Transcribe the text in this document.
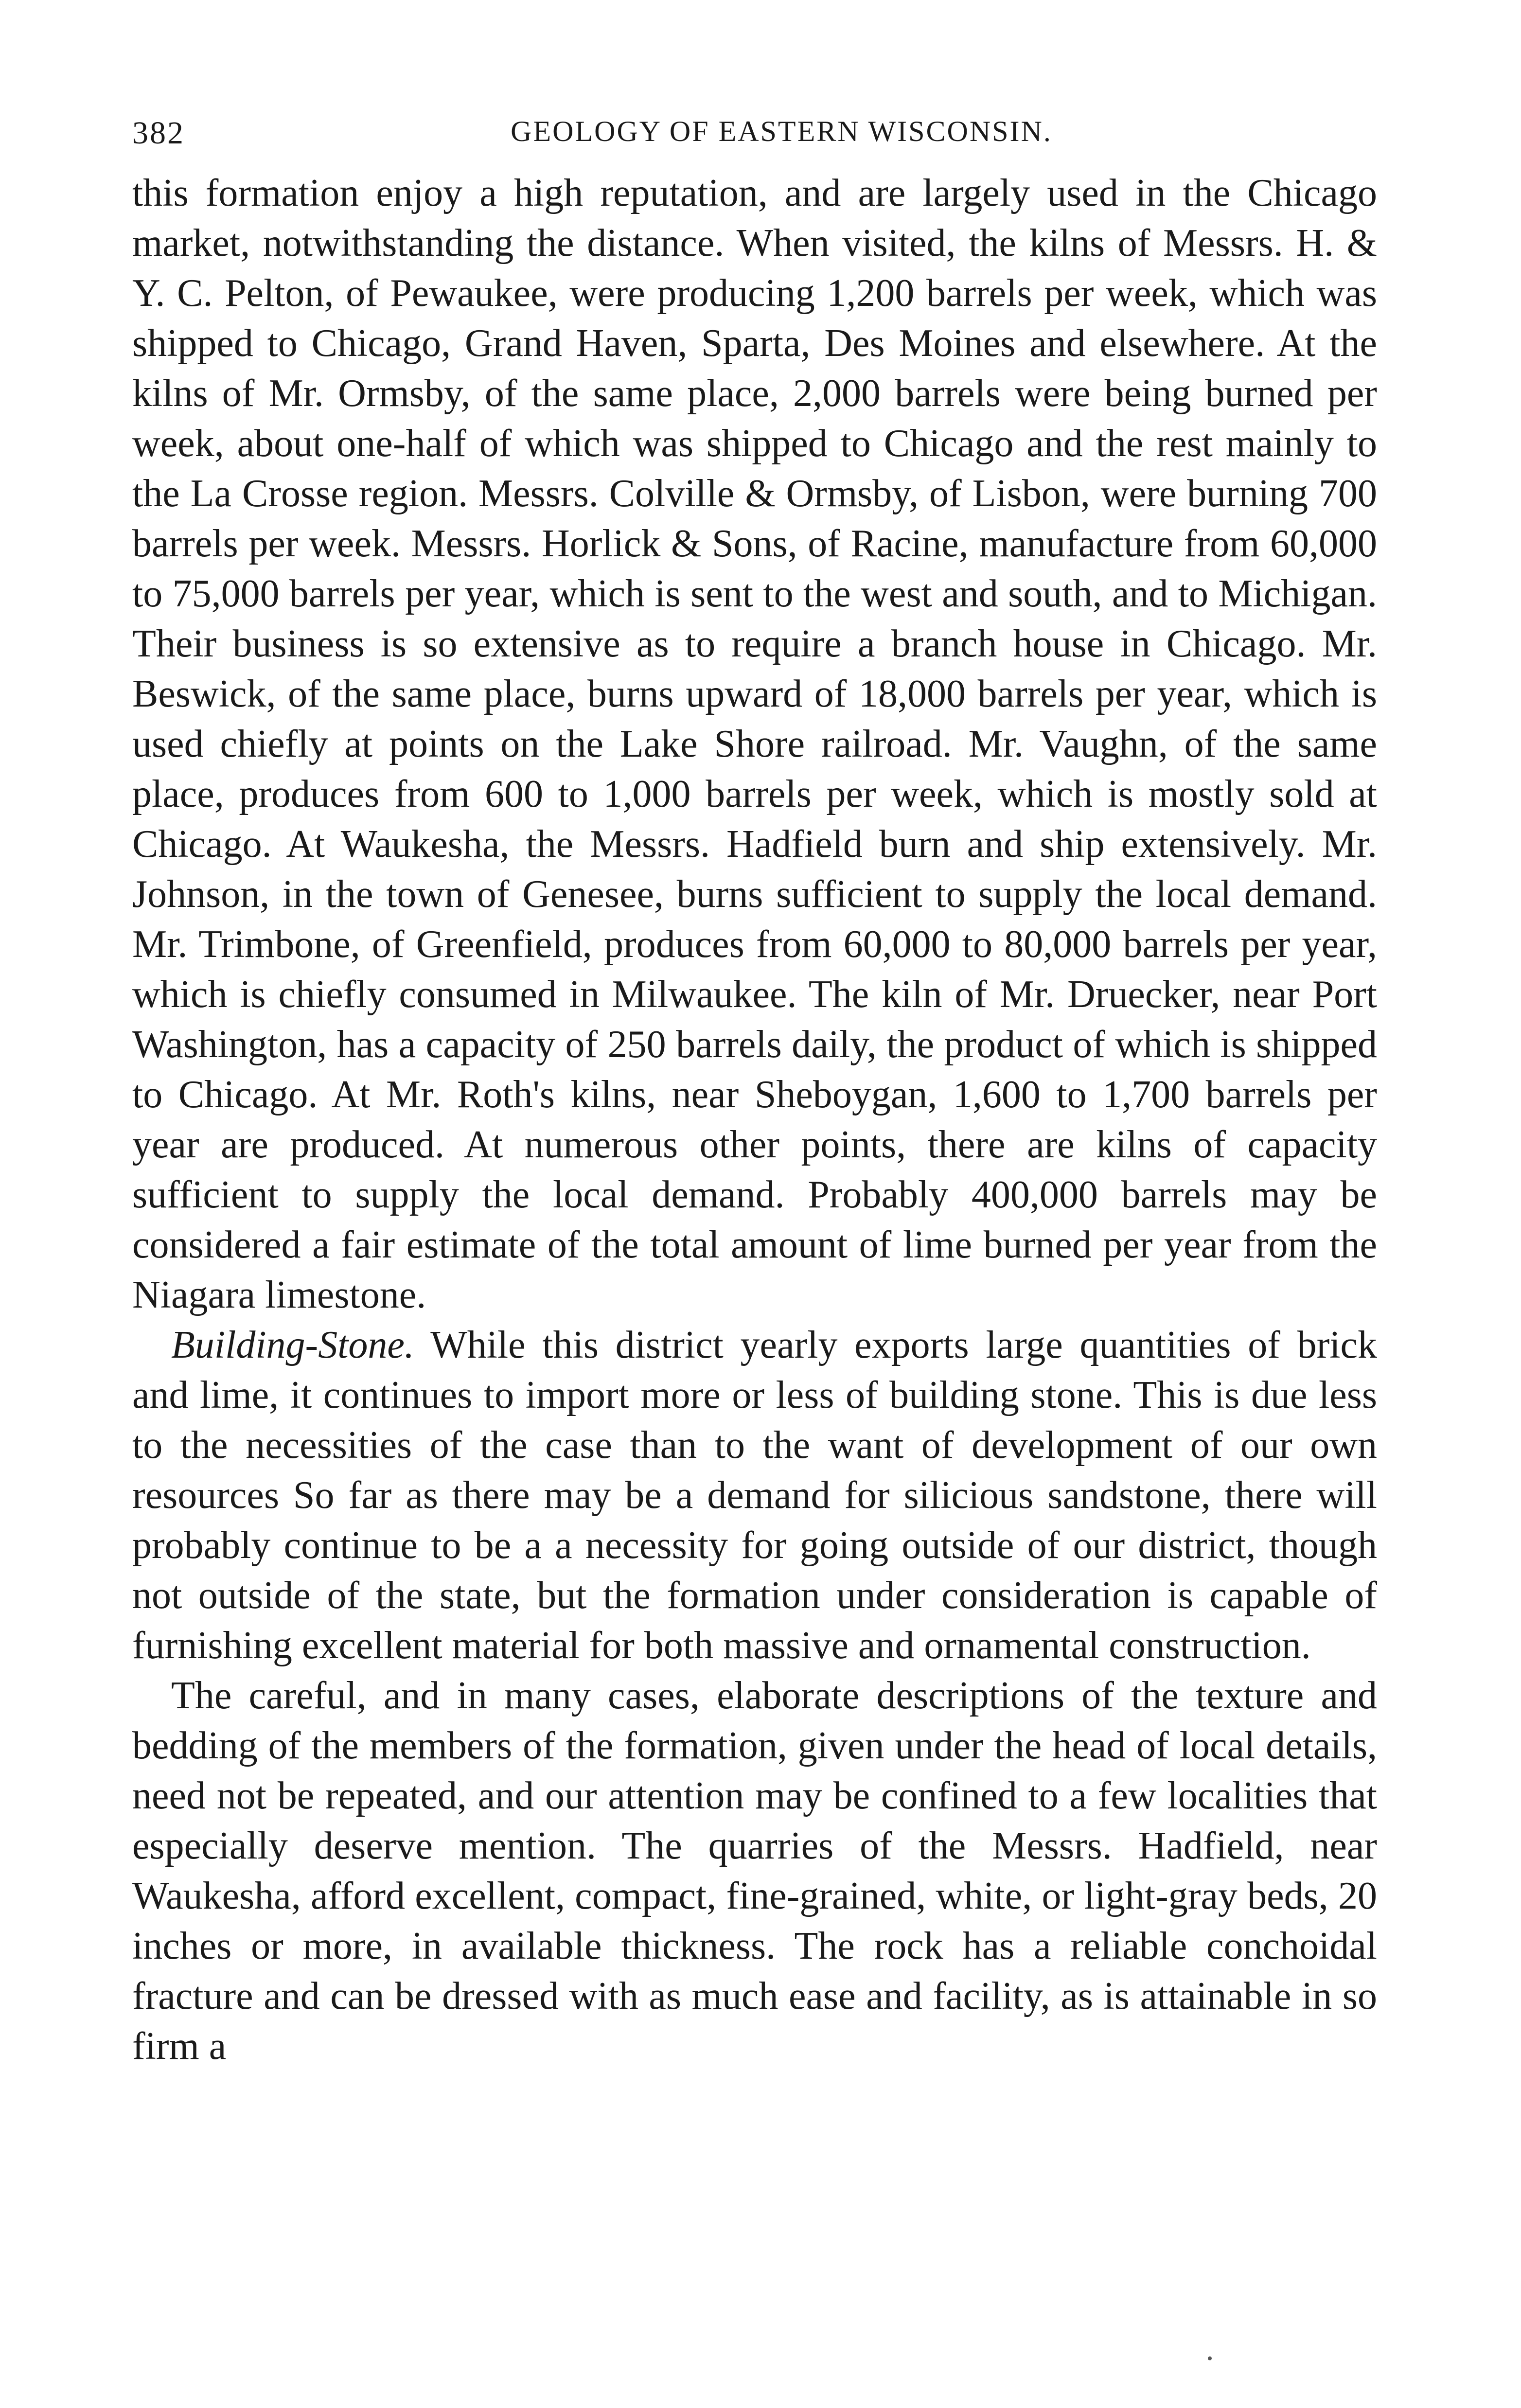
382	GEOLOGY OF EASTERN WISCONSIN.

this formation enjoy a high reputation, and are largely used in the Chicago market, notwithstanding the distance. When visited, the kilns of Messrs. H. & Y. C. Pelton, of Pewaukee, were producing 1,200 barrels per week, which was shipped to Chicago, Grand Haven, Sparta, Des Moines and elsewhere. At the kilns of Mr. Ormsby, of the same place, 2,000 barrels were being burned per week, about one-half of which was shipped to Chicago and the rest mainly to the La Crosse region. Messrs. Colville & Ormsby, of Lisbon, were burning 700 barrels per week. Messrs. Horlick & Sons, of Racine, manufacture from 60,000 to 75,000 barrels per year, which is sent to the west and south, and to Michigan. Their business is so extensive as to require a branch house in Chicago. Mr. Beswick, of the same place, burns upward of 18,000 barrels per year, which is used chiefly at points on the Lake Shore railroad. Mr. Vaughn, of the same place, produces from 600 to 1,000 barrels per week, which is mostly sold at Chicago. At Waukesha, the Messrs. Hadfield burn and ship extensively. Mr. Johnson, in the town of Genesee, burns sufficient to supply the local demand. Mr. Trimbone, of Greenfield, produces from 60,000 to 80,000 barrels per year, which is chiefly consumed in Milwaukee. The kiln of Mr. Druecker, near Port Washington, has a capacity of 250 barrels daily, the product of which is shipped to Chicago. At Mr. Roth's kilns, near Sheboygan, 1,600 to 1,700 barrels per year are produced. At numerous other points, there are kilns of capacity sufficient to supply the local demand. Probably 400,000 barrels may be considered a fair estimate of the total amount of lime burned per year from the Niagara limestone.

Building-Stone. While this district yearly exports large quantities of brick and lime, it continues to import more or less of building stone. This is due less to the necessities of the case than to the want of development of our own resources So far as there may be a demand for silicious sandstone, there will probably continue to be a a necessity for going outside of our district, though not outside of the state, but the formation under consideration is capable of furnishing excellent material for both massive and ornamental construction.

The careful, and in many cases, elaborate descriptions of the texture and bedding of the members of the formation, given under the head of local details, need not be repeated, and our attention may be confined to a few localities that especially deserve mention. The quarries of the Messrs. Hadfield, near Waukesha, afford excellent, compact, fine-grained, white, or light-gray beds, 20 inches or more, in available thickness. The rock has a reliable conchoidal fracture and can be dressed with as much ease and facility, as is attainable in so firm a
